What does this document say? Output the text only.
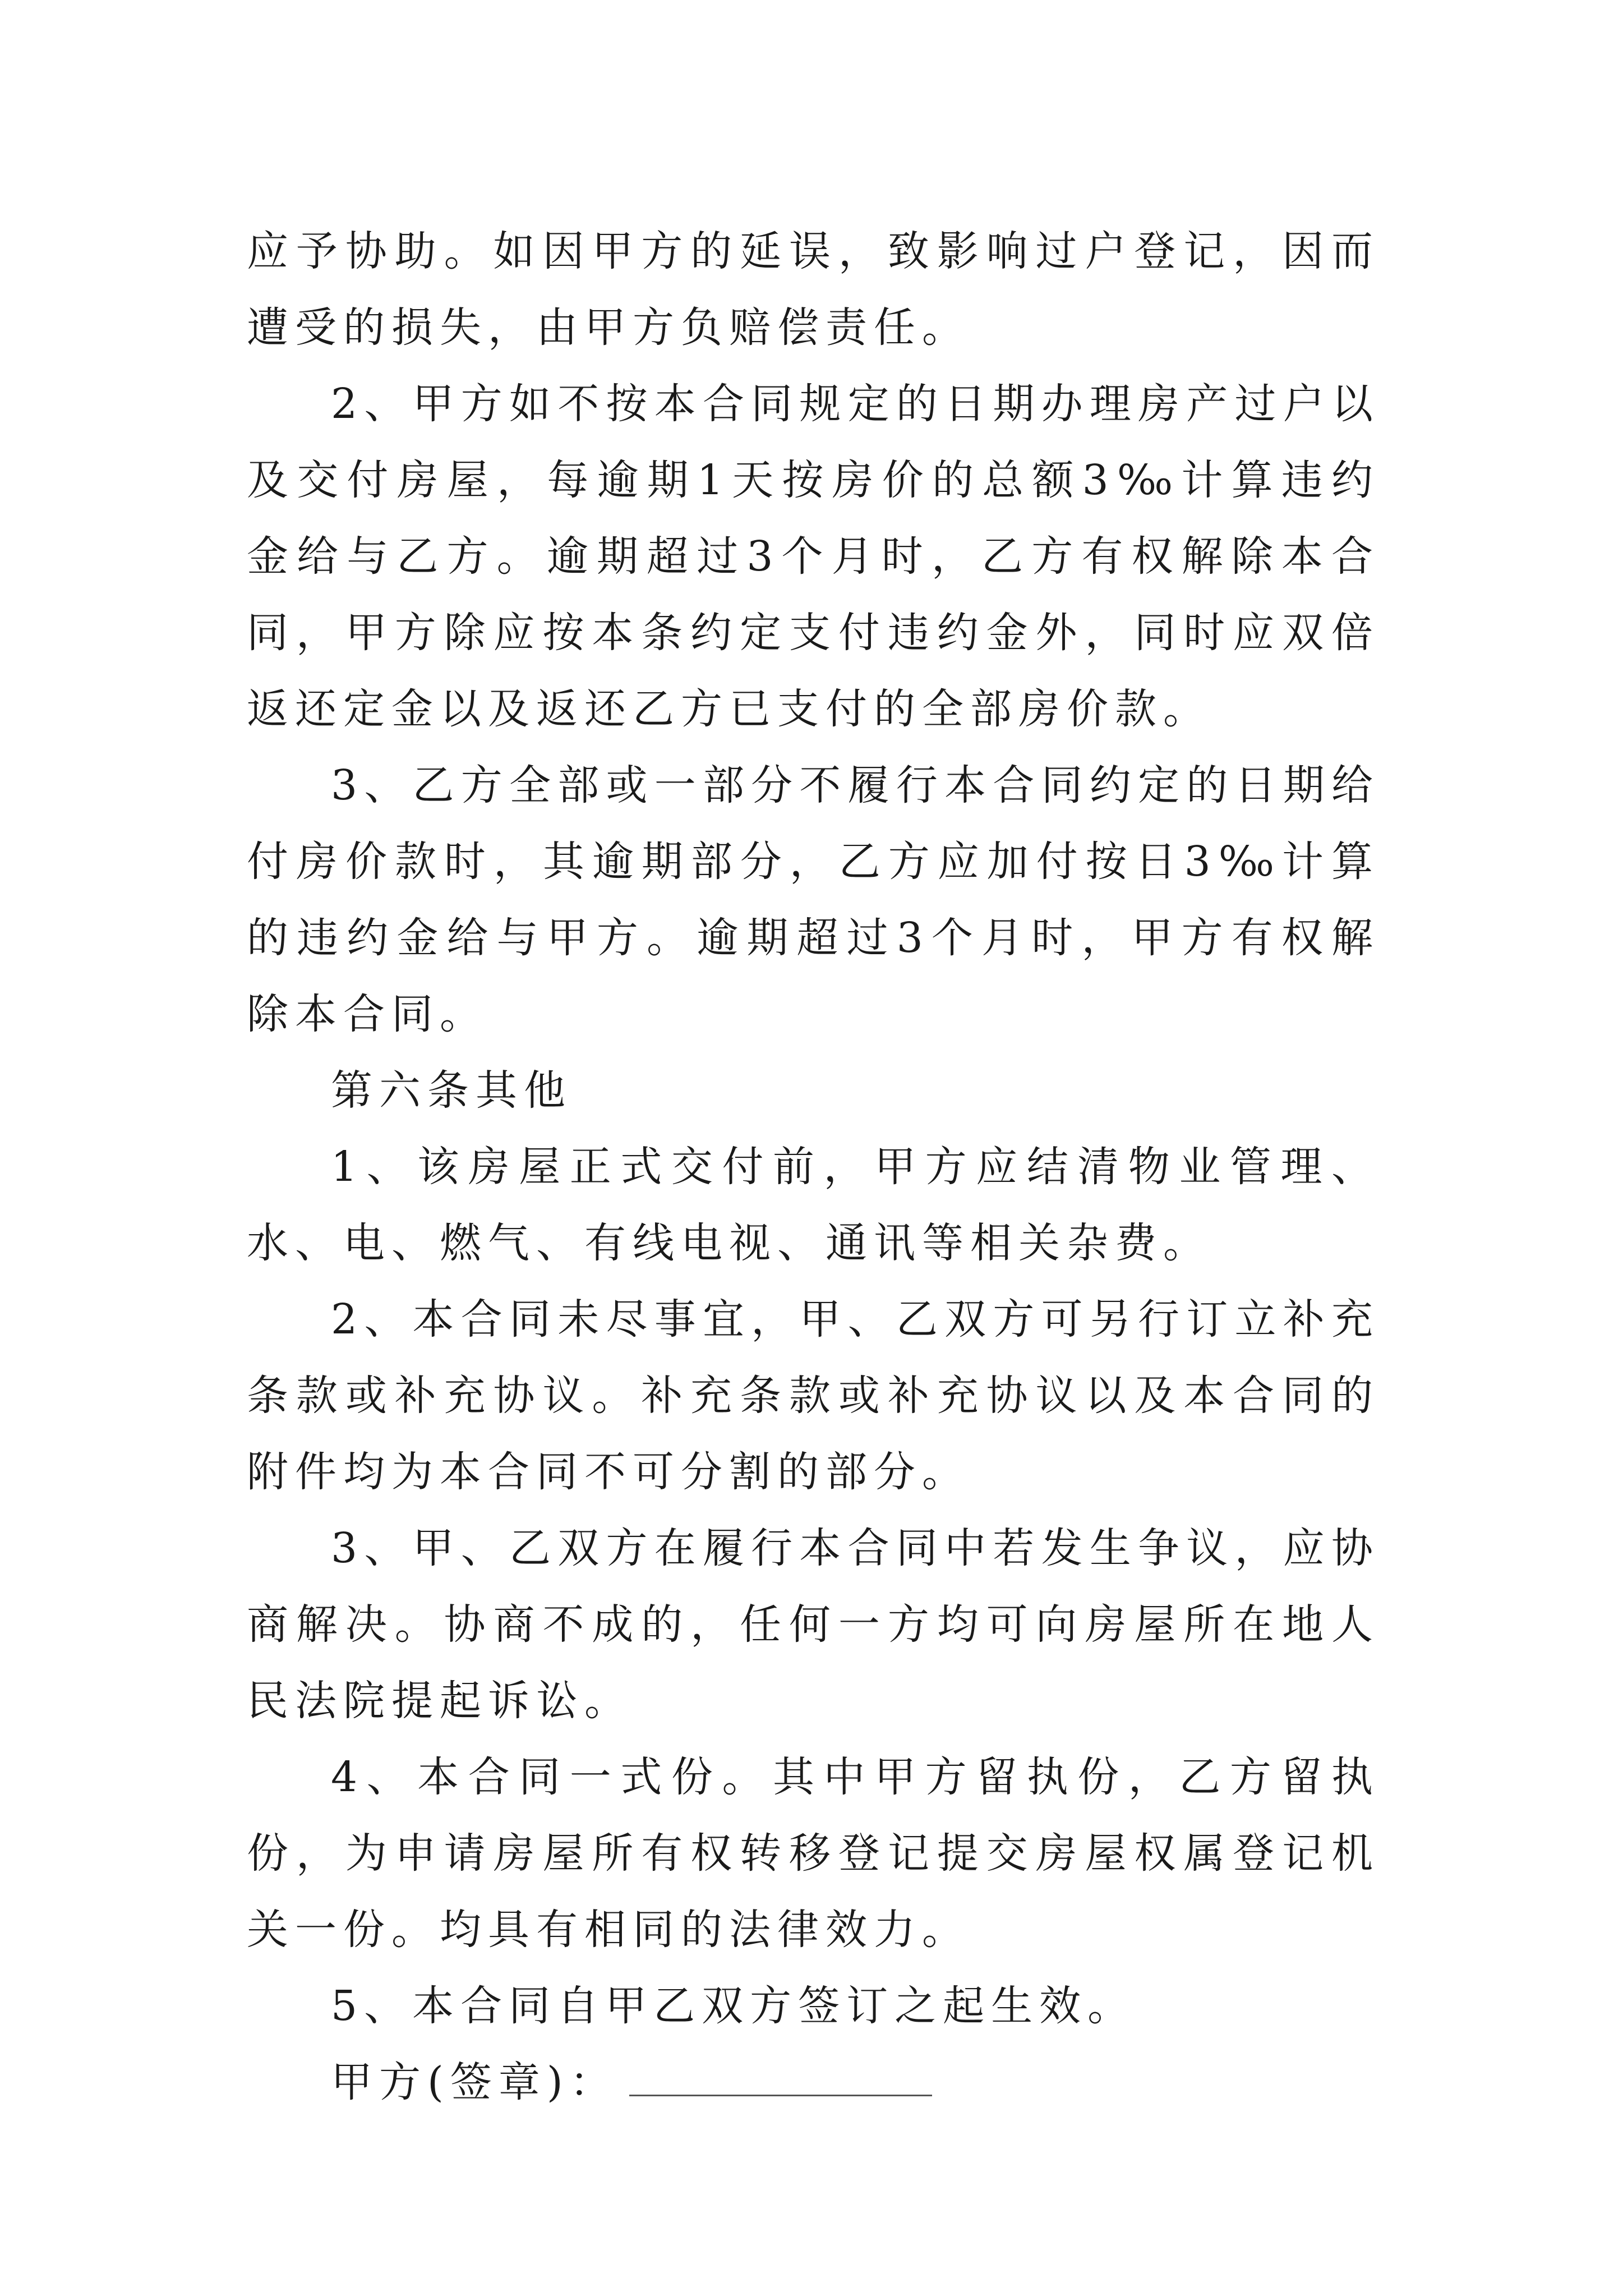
应予协助。如因甲方的延误，致影响过户登记，因而遭受的损失，由甲方负赔偿责任。

2、甲方如不按本合同规定的日期办理房产过户以及交付房屋，每逾期1天按房价的总额3‰计算违约金给与乙方。逾期超过3个月时，乙方有权解除本合同，甲方除应按本条约定支付违约金外，同时应双倍返还定金以及返还乙方已支付的全部房价款。

3、乙方全部或一部分不履行本合同约定的日期给付房价款时，其逾期部分，乙方应加付按日3‰计算的违约金给与甲方。逾期超过3个月时，甲方有权解除本合同。

第六条其他

1、该房屋正式交付前，甲方应结清物业管理、水、电、燃气、有线电视、通讯等相关杂费。

2、本合同未尽事宜，甲、乙双方可另行订立补充条款或补充协议。补充条款或补充协议以及本合同的附件均为本合同不可分割的部分。

3、甲、乙双方在履行本合同中若发生争议，应协商解决。协商不成的，任何一方均可向房屋所在地人民法院提起诉讼。

4、本合同一式份。其中甲方留执份，乙方留执份，为申请房屋所有权转移登记提交房屋权属登记机关一份。均具有相同的法律效力。

5、本合同自甲乙双方签订之起生效。

甲方(签章)：
